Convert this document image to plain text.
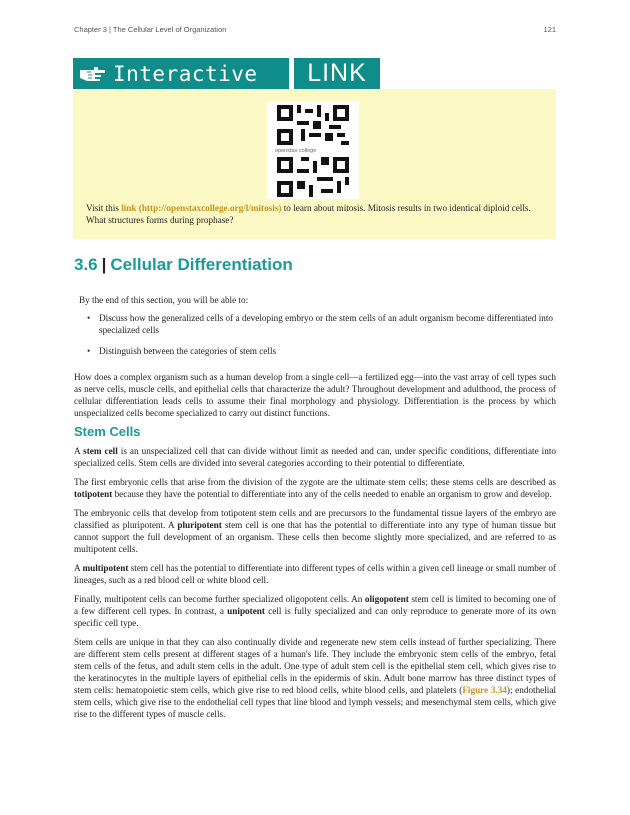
Chapter 3 | The Cellular Level of Organization	121
Interactive	LINK
openstax college
Visit this link (http://openstaxcollege.org/l/mitosis) to learn about mitosis. Mitosis results in two identical diploid cells. What structures forms during prophase?
3.6 | Cellular Differentiation
By the end of this section, you will be able to:
• Discuss how the generalized cells of a developing embryo or the stem cells of an adult organism become differentiated into specialized cells
• Distinguish between the categories of stem cells

How does a complex organism such as a human develop from a single cell—a fertilized egg—into the vast array of cell types such as nerve cells, muscle cells, and epithelial cells that characterize the adult? Throughout development and adulthood, the process of cellular differentiation leads cells to assume their final morphology and physiology. Differentiation is the process by which unspecialized cells become specialized to carry out distinct functions.

Stem Cells

A stem cell is an unspecialized cell that can divide without limit as needed and can, under specific conditions, differentiate into specialized cells. Stem cells are divided into several categories according to their potential to differentiate.

The first embryonic cells that arise from the division of the zygote are the ultimate stem cells; these stems cells are described as totipotent because they have the potential to differentiate into any of the cells needed to enable an organism to grow and develop.

The embryonic cells that develop from totipotent stem cells and are precursors to the fundamental tissue layers of the embryo are classified as pluripotent. A pluripotent stem cell is one that has the potential to differentiate into any type of human tissue but cannot support the full development of an organism. These cells then become slightly more specialized, and are referred to as multipotent cells.

A multipotent stem cell has the potential to differentiate into different types of cells within a given cell lineage or small number of lineages, such as a red blood cell or white blood cell.

Finally, multipotent cells can become further specialized oligopotent cells. An oligopotent stem cell is limited to becoming one of a few different cell types. In contrast, a unipotent cell is fully specialized and can only reproduce to generate more of its own specific cell type.

Stem cells are unique in that they can also continually divide and regenerate new stem cells instead of further specializing. There are different stem cells present at different stages of a human's life. They include the embryonic stem cells of the embryo, fetal stem cells of the fetus, and adult stem cells in the adult. One type of adult stem cell is the epithelial stem cell, which gives rise to the keratinocytes in the multiple layers of epithelial cells in the epidermis of skin. Adult bone marrow has three distinct types of stem cells: hematopoietic stem cells, which give rise to red blood cells, white blood cells, and platelets (Figure 3.34); endothelial stem cells, which give rise to the endothelial cell types that line blood and lymph vessels; and mesenchymal stem cells, which give rise to the different types of muscle cells.
